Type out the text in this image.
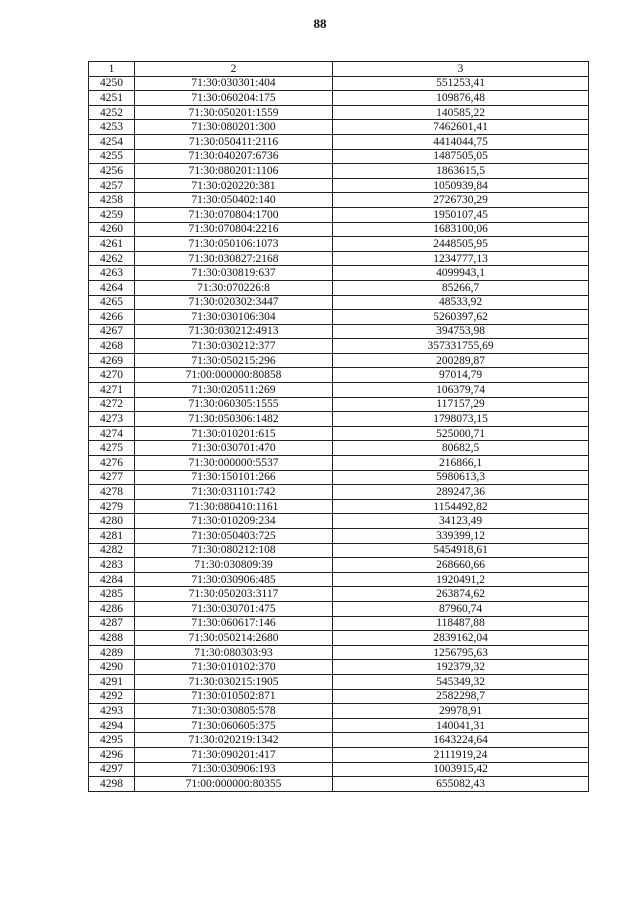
88
1	2	3
4250	71:30:030301:404	551253,41
4251	71:30:060204:175	109876,48
4252	71:30:050201:1559	140585,22
4253	71:30:080201:300	7462601,41
4254	71:30:050411:2116	4414044,75
4255	71:30:040207:6736	1487505,05
4256	71:30:080201:1106	1863615,5
4257	71:30:020220:381	1050939,84
4258	71:30:050402:140	2726730,29
4259	71:30:070804:1700	1950107,45
4260	71:30:070804:2216	1683100,06
4261	71:30:050106:1073	2448505,95
4262	71:30:030827:2168	1234777,13
4263	71:30:030819:637	4099943,1
4264	71:30:070226:8	85266,7
4265	71:30:020302:3447	48533,92
4266	71:30:030106:304	5260397,62
4267	71:30:030212:4913	394753,98
4268	71:30:030212:377	357331755,69
4269	71:30:050215:296	200289,87
4270	71:00:000000:80858	97014,79
4271	71:30:020511:269	106379,74
4272	71:30:060305:1555	117157,29
4273	71:30:050306:1482	1798073,15
4274	71:30:010201:615	525000,71
4275	71:30:030701:470	80682,5
4276	71:30:000000:5537	216866,1
4277	71:30:150101:266	5980613,3
4278	71:30:031101:742	289247,36
4279	71:30:080410:1161	1154492,82
4280	71:30:010209:234	34123,49
4281	71:30:050403:725	339399,12
4282	71:30:080212:108	5454918,61
4283	71:30:030809:39	268660,66
4284	71:30:030906:485	1920491,2
4285	71:30:050203:3117	263874,62
4286	71:30:030701:475	87960,74
4287	71:30:060617:146	118487,88
4288	71:30:050214:2680	2839162,04
4289	71:30:080303:93	1256795,63
4290	71:30:010102:370	192379,32
4291	71:30:030215:1905	545349,32
4292	71:30:010502:871	2582298,7
4293	71:30:030805:578	29978,91
4294	71:30:060605:375	140041,31
4295	71:30:020219:1342	1643224,64
4296	71:30:090201:417	2111919,24
4297	71:30:030906:193	1003915,42
4298	71:00:000000:80355	655082,43
